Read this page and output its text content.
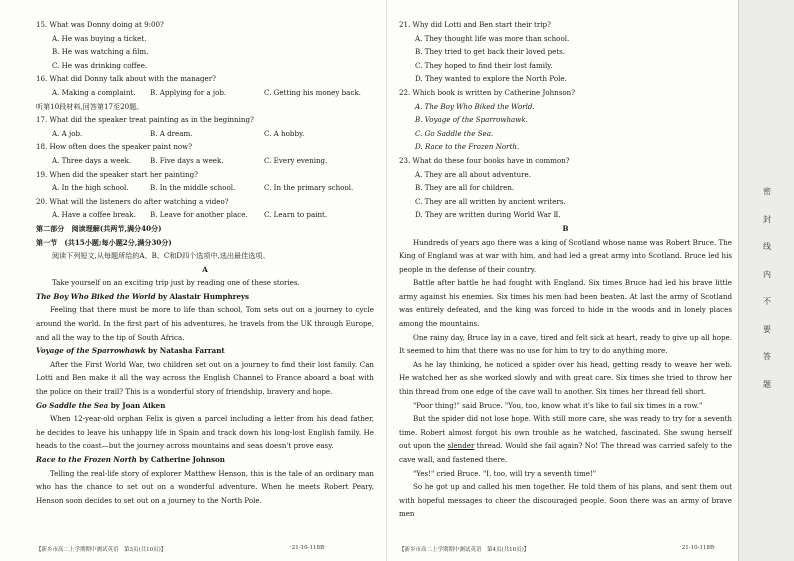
15. What was Donny doing at 9:00?
A. He was buying a ticket.
B. He was watching a film.
C. He was drinking coffee.
16. What did Donny talk about with the manager?
A. Making a complaint.	B. Applying for a job.	C. Getting his money back.
听第10段材料,回答第17至20题。
17. What did the speaker treat painting as in the beginning?
A. A job.	B. A dream.	C. A hobby.
18. How often does the speaker paint now?
A. Three days a week.	B. Five days a week.	C. Every evening.
19. When did the speaker start her painting?
A. In the high school.	B. In the middle school.	C. In the primary school.
20. What will the listeners do after watching a video?
A. Have a coffee break.	B. Leave for another place.	C. Learn to paint.
第二部分　阅读理解(共两节,满分40分)
第一节　(共15小题;每小题2分,满分30分)
阅读下列短文,从每题所给的A、B、C和D四个选项中,选出最佳选项。
A
Take yourself on an exciting trip just by reading one of these stories.
The Boy Who Biked the World by Alastair Humphreys
Feeling that there must be more to life than school, Tom sets out on a journey to cycle around the world. In the first part of his adventures, he travels from the UK through Europe, and all the way to the tip of South Africa.
Voyage of the Sparrowhawk by Natasha Farrant
After the First World War, two children set out on a journey to find their lost family. Can Lotti and Ben make it all the way across the English Channel to France aboard a boat with the police on their trail? This is a wonderful story of friendship, bravery and hope.
Go Saddle the Sea by Joan Aiken
When 12-year-old orphan Felix is given a parcel including a letter from his dead father, he decides to leave his unhappy life in Spain and track down his long-lost English family. He heads to the coast—but the journey across mountains and seas doesn't prove easy.
Race to the Frozen North by Catherine Johnson
Telling the real-life story of explorer Matthew Henson, this is the tale of an ordinary man who has the chance to set out on a wonderful adventure. When he meets Robert Peary, Henson soon decides to set out on a journey to the North Pole.
21. Why did Lotti and Ben start their trip?
A. They thought life was more than school.
B. They tried to get back their loved pets.
C. They hoped to find their lost family.
D. They wanted to explore the North Pole.
22. Which book is written by Catherine Johnson?
A. The Boy Who Biked the World.
B. Voyage of the Sparrowhawk.
C. Go Saddle the Sea.
D. Race to the Frozen North.
23. What do these four books have in common?
A. They are all about adventure.
B. They are all for children.
C. They are all written by ancient writers.
D. They are written during World War Ⅱ.
B
Hundreds of years ago there was a king of Scotland whose name was Robert Bruce. The King of England was at war with him, and had led a great army into Scotland. Bruce led his people in the defense of their country.
Battle after battle he had fought with England. Six times Bruce had led his brave little army against his enemies. Six times his men had been beaten. At last the army of Scotland was entirely defeated, and the king was forced to hide in the woods and in lonely places among the mountains.
One rainy day, Bruce lay in a cave, tired and felt sick at heart, ready to give up all hope. It seemed to him that there was no use for him to try to do anything more.
As he lay thinking, he noticed a spider over his head, getting ready to weave her web. He watched her as she worked slowly and with great care. Six times she tried to throw her thin thread from one edge of the cave wall to another. Six times her thread fell short.
"Poor thing!" said Bruce. "You, too, know what it's like to fail six times in a row."
But the spider did not lose hope. With still more care, she was ready to try for a seventh time. Robert almost forgot his own trouble as he watched, fascinated. She swung herself out upon the slender thread. Would she fail again? No! The thread was carried safely to the cave wall, and fastened there.
"Yes!" cried Bruce. "I, too, will try a seventh time!"
So he got up and called his men together. He told them of his plans, and sent them out with hopeful messages to cheer the discouraged people. Soon there was an army of brave men
【新乡市高二上学期期中测试英语　第3页(共10页)】	·21-10-118B·	【新乡市高二上学期期中测试英语　第4页(共10页)】	·21-10-118B·
密
封
线
内
不
要
答
题
